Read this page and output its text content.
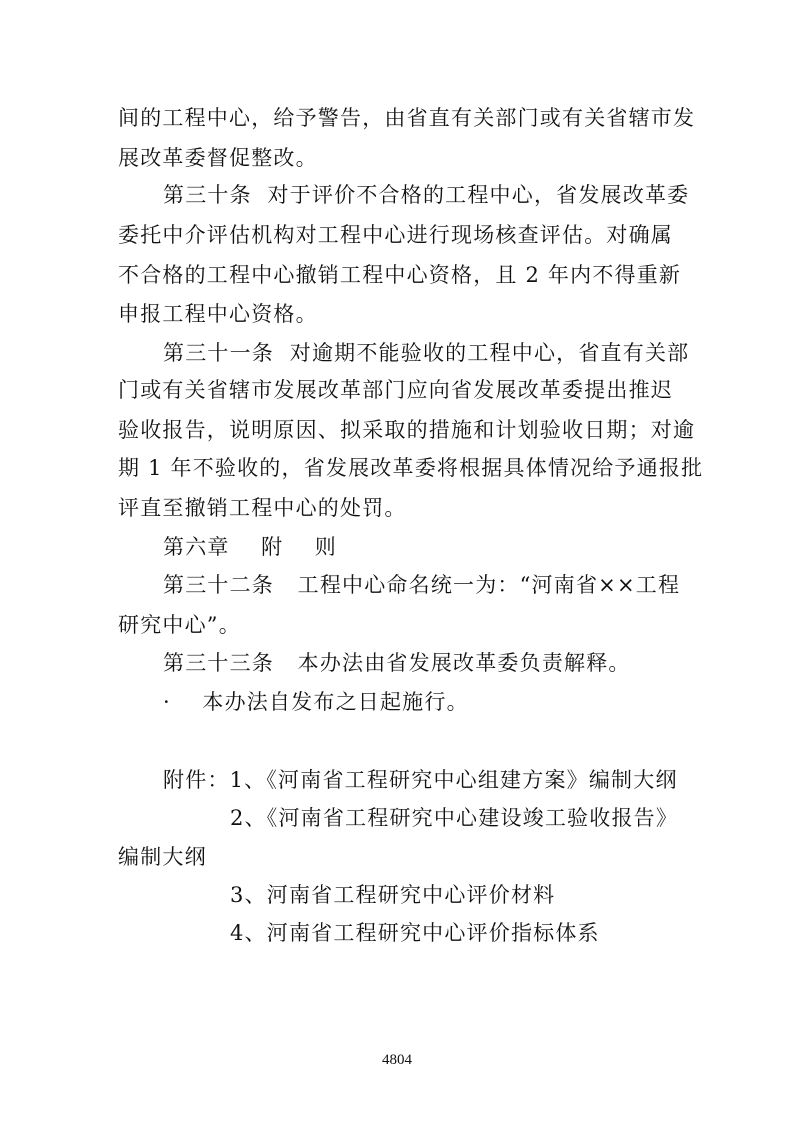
间的工程中心，给予警告，由省直有关部门或有关省辖市发
展改革委督促整改。
第三十条  对于评价不合格的工程中心，省发展改革委
委托中介评估机构对工程中心进行现场核查评估。对确属
不合格的工程中心撤销工程中心资格，且 2 年内不得重新
申报工程中心资格。
第三十一条  对逾期不能验收的工程中心，省直有关部
门或有关省辖市发展改革部门应向省发展改革委提出推迟
验收报告，说明原因、拟采取的措施和计划验收日期；对逾
期 1 年不验收的，省发展改革委将根据具体情况给予通报批
评直至撤销工程中心的处罚。
第六章    附    则
第三十二条   工程中心命名统一为：“河南省××工程
研究中心”。
第三十三条   本办法由省发展改革委负责解释。
·    本办法自发布之日起施行。
附件：1、《河南省工程研究中心组建方案》编制大纲
2、《河南省工程研究中心建设竣工验收报告》
编制大纲
3、河南省工程研究中心评价材料
4、河南省工程研究中心评价指标体系
4804
